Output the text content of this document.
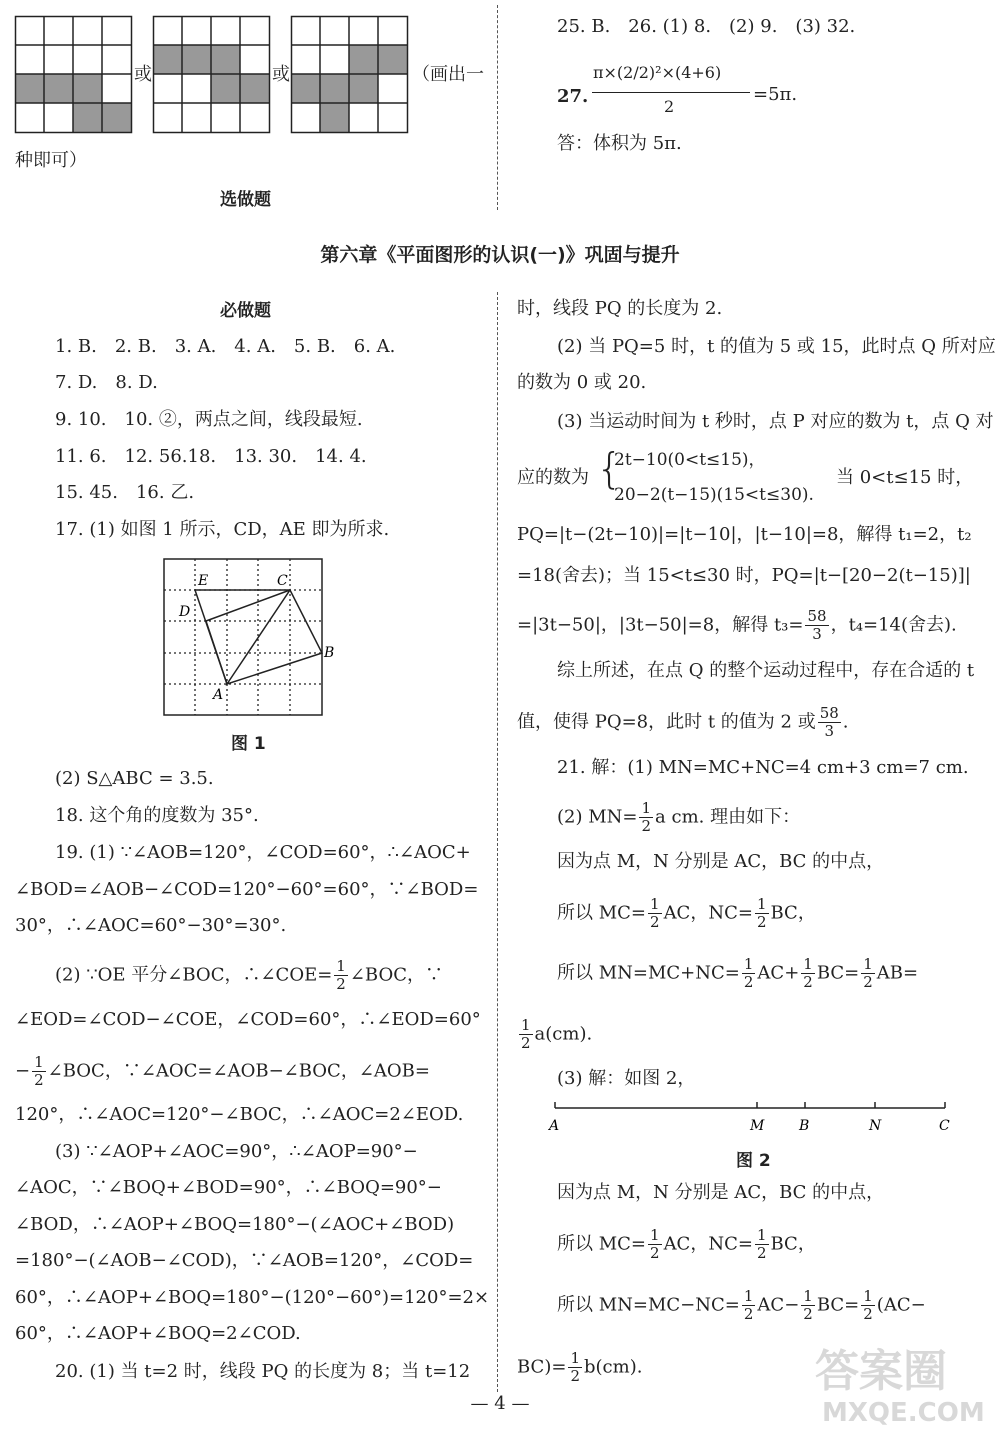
或	或	（画出一
种即可）
选做题
25. B.　26. (1) 8.　(2) 9.　(3) 32.
27.
π×(2/2)²×(4+6)
2
=5π.
答：体积为 5π.
第六章《平面图形的认识(一)》巩固与提升
必做题
1. B.　2. B.　3. A.　4. A.　5. B.　6. A.
7. D.　8. D.
9. 10.　10. ②，两点之间，线段最短.
11. 6.　12. 56.18.　13. 30.　14. 4.
15. 45.　16. 乙.
17. (1) 如图 1 所示，CD，AE 即为所求.
E	C
D
B
A
图 1
(2) S△ABC = 3.5.
18. 这个角的度数为 35°.
19. (1) ∵∠AOB=120°，∠COD=60°，∴∠AOC+
∠BOD=∠AOB−∠COD=120°−60°=60°，∵∠BOD=
30°，∴∠AOC=60°−30°=30°.
(2) ∵OE 平分∠BOC，∴∠COE= $\frac{1}{2}$ ∠BOC，∵
∠EOD=∠COD−∠COE，∠COD=60°，∴∠EOD=60°
− $\frac{1}{2}$ ∠BOC，∵∠AOC=∠AOB−∠BOC，∠AOB=
120°，∴∠AOC=120°−∠BOC，∴∠AOC=2∠EOD.
(3) ∵∠AOP+∠AOC=90°，∴∠AOP=90°−
∠AOC，∵∠BOQ+∠BOD=90°，∴∠BOQ=90°−
∠BOD，∴∠AOP+∠BOQ=180°−(∠AOC+∠BOD)
=180°−(∠AOB−∠COD)，∵∠AOB=120°，∠COD=
60°，∴∠AOP+∠BOQ=180°−(120°−60°)=120°=2×
60°，∴∠AOP+∠BOQ=2∠COD.
20. (1) 当 t=2 时，线段 PQ 的长度为 8；当 t=12
时，线段 PQ 的长度为 2.
(2) 当 PQ=5 时，t 的值为 5 或 15，此时点 Q 所对应
的数为 0 或 20.
(3) 当运动时间为 t 秒时，点 P 对应的数为 t，点 Q 对
应的数为 {
2t−10(0<t≤15)，
20−2(t−15)(15<t≤30).
当 0<t≤15 时，
PQ=|t−(2t−10)|=|t−10|，|t−10|=8，解得 t₁=2，t₂
=18(舍去)；当 15<t≤30 时，PQ=|t−[20−2(t−15)]|
=|3t−50|，|3t−50|=8，解得 $t_3= \frac{58}{3}$ ，t₄=14(舍去).
综上所述，在点 Q 的整个运动过程中，存在合适的 t
值，使得 PQ=8，此时 t 的值为 2 或 $\frac{58}{3}$ .
21. 解：(1) MN=MC+NC=4 cm+3 cm=7 cm.
(2) $MN= \frac{1}{2}$ a cm. 理由如下：
因为点 M，N 分别是 AC，BC 的中点，
所以 $MC= \frac{1}{2}$ AC，$NC= \frac{1}{2}$ BC，
所以 $MN=MC+NC= \frac{1}{2} AC+ \frac{1}{2} BC= \frac{1}{2} AB=$
$\frac{1}{2} a(cm)$.
(3) 解：如图 2，
A	M B	N	C
图 2
因为点 M，N 分别是 AC，BC 的中点，
所以 $MC= \frac{1}{2}$ AC，$NC= \frac{1}{2}$ BC，
所以 $MN=MC-NC= \frac{1}{2} AC- \frac{1}{2} BC= \frac{1}{2} (AC-$
$BC)= \frac{1}{2} b(cm)$.
— 4 —
答案圈
MXQE.COM
